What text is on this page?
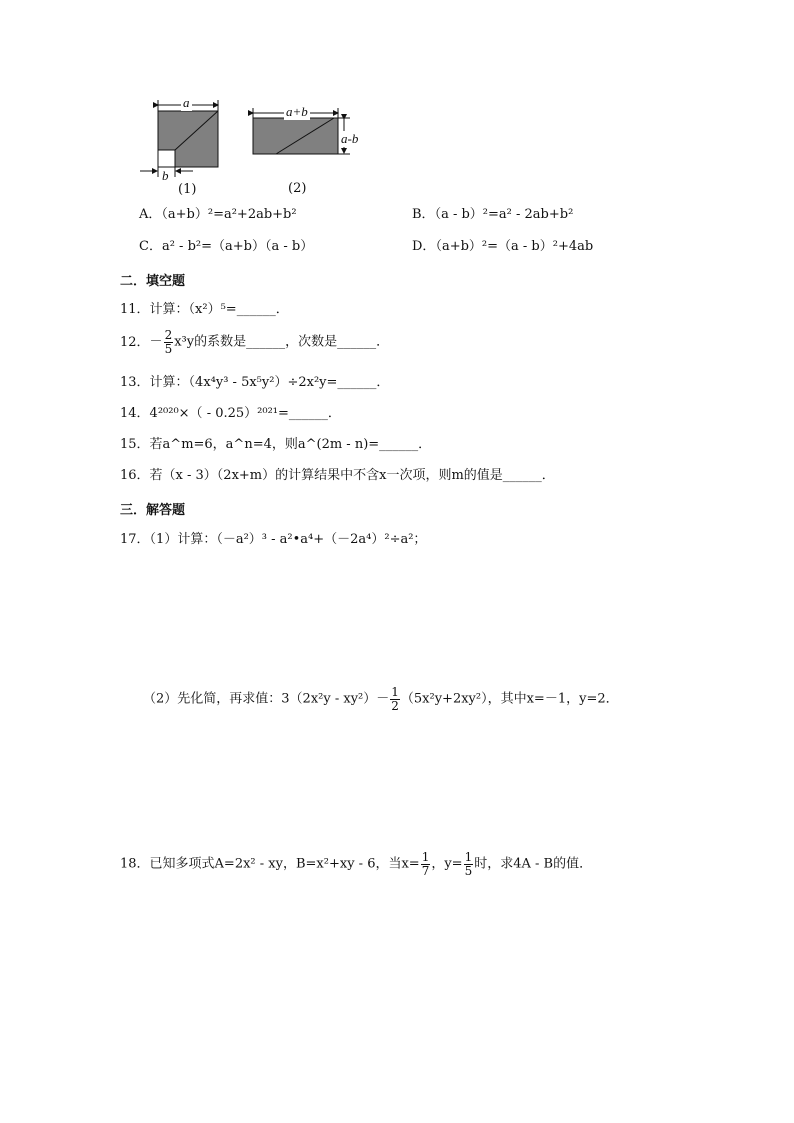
a
b
(1)
a+b
a-b
(2)
A．（a+b）²=a²+2ab+b²	B．（a - b）²=a² - 2ab+b²
C．a² - b²=（a+b）（a - b）	D．（a+b）²=（a - b）²+4ab
二．填空题
11．计算：（x²）⁵=______．
12．－ $\frac{2}{5} x^3y$的系数是______，次数是______．
13．计算：（4x⁴y³ - 5x⁵y²）÷2x²y=______．
14．4²⁰²⁰×（ - 0.25）²⁰²¹=______．
15．若a^m=6，a^n=4，则a^(2m - n)=______．
16．若（x - 3）（2x+m）的计算结果中不含x一次项，则m的值是______．
三．解答题
17．（1）计算：（－a²）³ - a²•a⁴+（－2a⁴）²÷a²；
（2）先化简，再求值：$3(2x^2y - xy^2)- \frac{1}{2} (5x^2y+2xy^2)$，其中x=－1，y=2．
18．已知多项式A=2x² - xy，B=x²+xy - 6，当$x= \frac{1}{7}$ ，$y= \frac{1}{5}$ 时，求4A - B的值．
